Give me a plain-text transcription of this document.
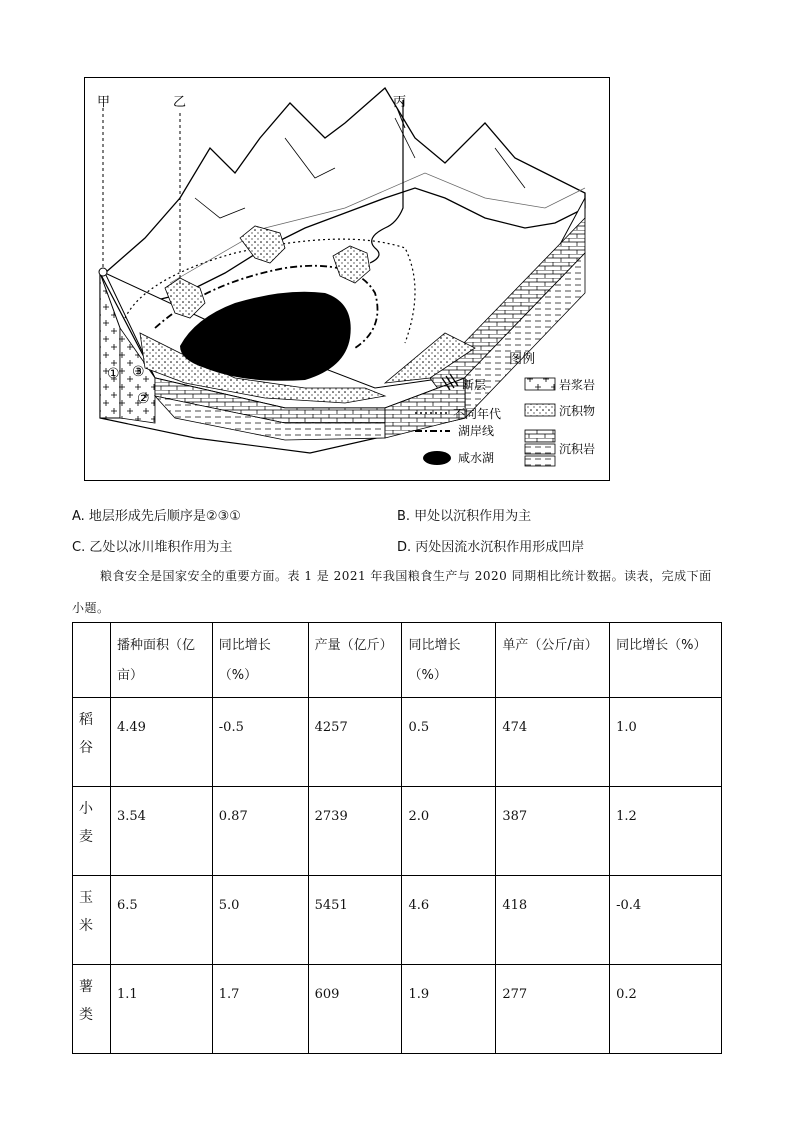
甲	乙	丙
①
②
③
图例
断层	岩浆岩
不同年代
湖岸线
沉积物
沉积岩
咸水湖
A. 地层形成先后顺序是②③①	B. 甲处以沉积作用为主
C. 乙处以冰川堆积作用为主	D. 丙处因流水沉积作用形成凹岸
粮食安全是国家安全的重要方面。表 1 是 2021 年我国粮食生产与 2020 同期相比统计数据。读表，完成下面小题。
	播种面积（亿亩）	同比增长（%）	产量（亿斤）	同比增长（%）	单产（公斤/亩）	同比增长（%）

稻谷	4.49	-0.5	4257	0.5	474	1.0

小麦	3.54	0.87	2739	2.0	387	1.2

玉米	6.5	5.0	5451	4.6	418	-0.4

薯类	1.1	1.7	609	1.9	277	0.2
